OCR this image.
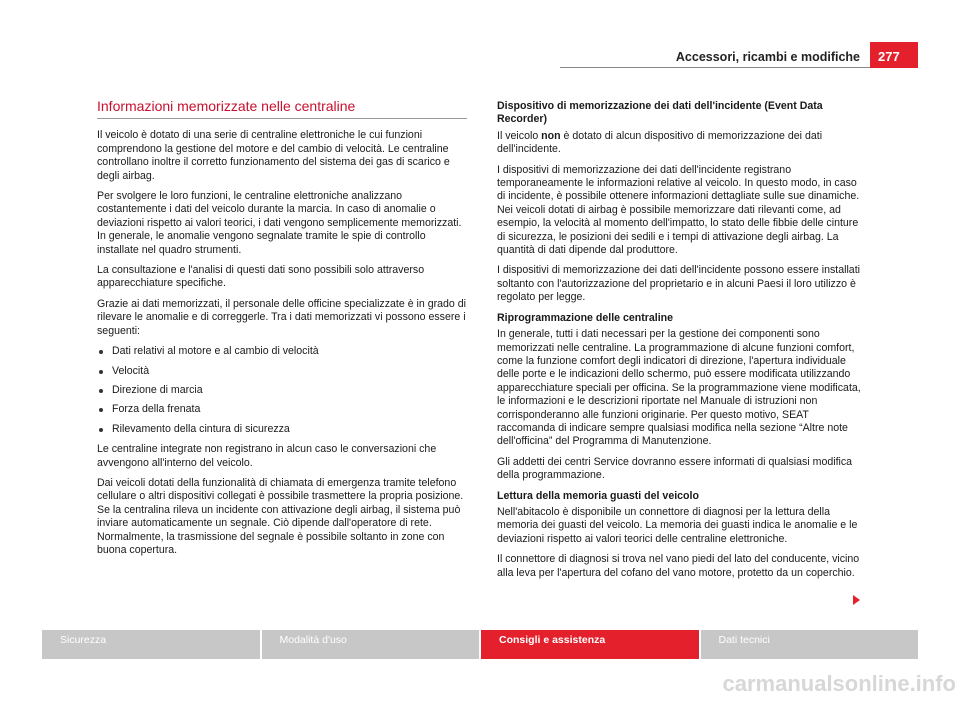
Accessori, ricambi e modifiche	277
Informazioni memorizzate nelle centraline

Il veicolo è dotato di una serie di centraline elettroniche le cui funzioni comprendono la gestione del motore e del cambio di velocità. Le centraline controllano inoltre il corretto funzionamento del sistema dei gas di scarico e degli airbag.

Per svolgere le loro funzioni, le centraline elettroniche analizzano costantemente i dati del veicolo durante la marcia. In caso di anomalie o deviazioni rispetto ai valori teorici, i dati vengono semplicemente memorizzati. In generale, le anomalie vengono segnalate tramite le spie di controllo installate nel quadro strumenti.

La consultazione e l'analisi di questi dati sono possibili solo attraverso apparecchiature specifiche.

Grazie ai dati memorizzati, il personale delle officine specializzate è in grado di rilevare le anomalie e di correggerle. Tra i dati memorizzati vi possono essere i seguenti:

Dati relativi al motore e al cambio di velocità
Velocità
Direzione di marcia
Forza della frenata
Rilevamento della cintura di sicurezza

Le centraline integrate non registrano in alcun caso le conversazioni che avvengono all'interno del veicolo.

Dai veicoli dotati della funzionalità di chiamata di emergenza tramite telefono cellulare o altri dispositivi collegati è possibile trasmettere la propria posizione. Se la centralina rileva un incidente con attivazione degli airbag, il sistema può inviare automaticamente un segnale. Ciò dipende dall'operatore di rete. Normalmente, la trasmissione del segnale è possibile soltanto in zone con buona copertura.

Dispositivo di memorizzazione dei dati dell'incidente (Event Data Recorder)

Il veicolo non è dotato di alcun dispositivo di memorizzazione dei dati dell'incidente.

I dispositivi di memorizzazione dei dati dell'incidente registrano temporaneamente le informazioni relative al veicolo. In questo modo, in caso di incidente, è possibile ottenere informazioni dettagliate sulle sue dinamiche. Nei veicoli dotati di airbag è possibile memorizzare dati rilevanti come, ad esempio, la velocità al momento dell'impatto, lo stato delle fibbie delle cinture di sicurezza, le posizioni dei sedili e i tempi di attivazione degli airbag. La quantità di dati dipende dal produttore.

I dispositivi di memorizzazione dei dati dell'incidente possono essere installati soltanto con l'autorizzazione del proprietario e in alcuni Paesi il loro utilizzo è regolato per legge.

Riprogrammazione delle centraline

In generale, tutti i dati necessari per la gestione dei componenti sono memorizzati nelle centraline. La programmazione di alcune funzioni comfort, come la funzione comfort degli indicatori di direzione, l'apertura individuale delle porte e le indicazioni dello schermo, può essere modificata utilizzando apparecchiature speciali per officina. Se la programmazione viene modificata, le informazioni e le descrizioni riportate nel Manuale di istruzioni non corrisponderanno alle funzioni originarie. Per questo motivo, SEAT raccomanda di indicare sempre qualsiasi modifica nella sezione “Altre note dell'officina” del Programma di Manutenzione.

Gli addetti dei centri Service dovranno essere informati di qualsiasi modifica della programmazione.

Lettura della memoria guasti del veicolo

Nell'abitacolo è disponibile un connettore di diagnosi per la lettura della memoria dei guasti del veicolo. La memoria dei guasti indica le anomalie e le deviazioni rispetto ai valori teorici delle centraline elettroniche.

Il connettore di diagnosi si trova nel vano piedi del lato del conducente, vicino alla leva per l'apertura del cofano del vano motore, protetto da un coperchio.

Sicurezza	Modalità d'uso	Consigli e assistenza	Dati tecnici
carmanualsonline.info
